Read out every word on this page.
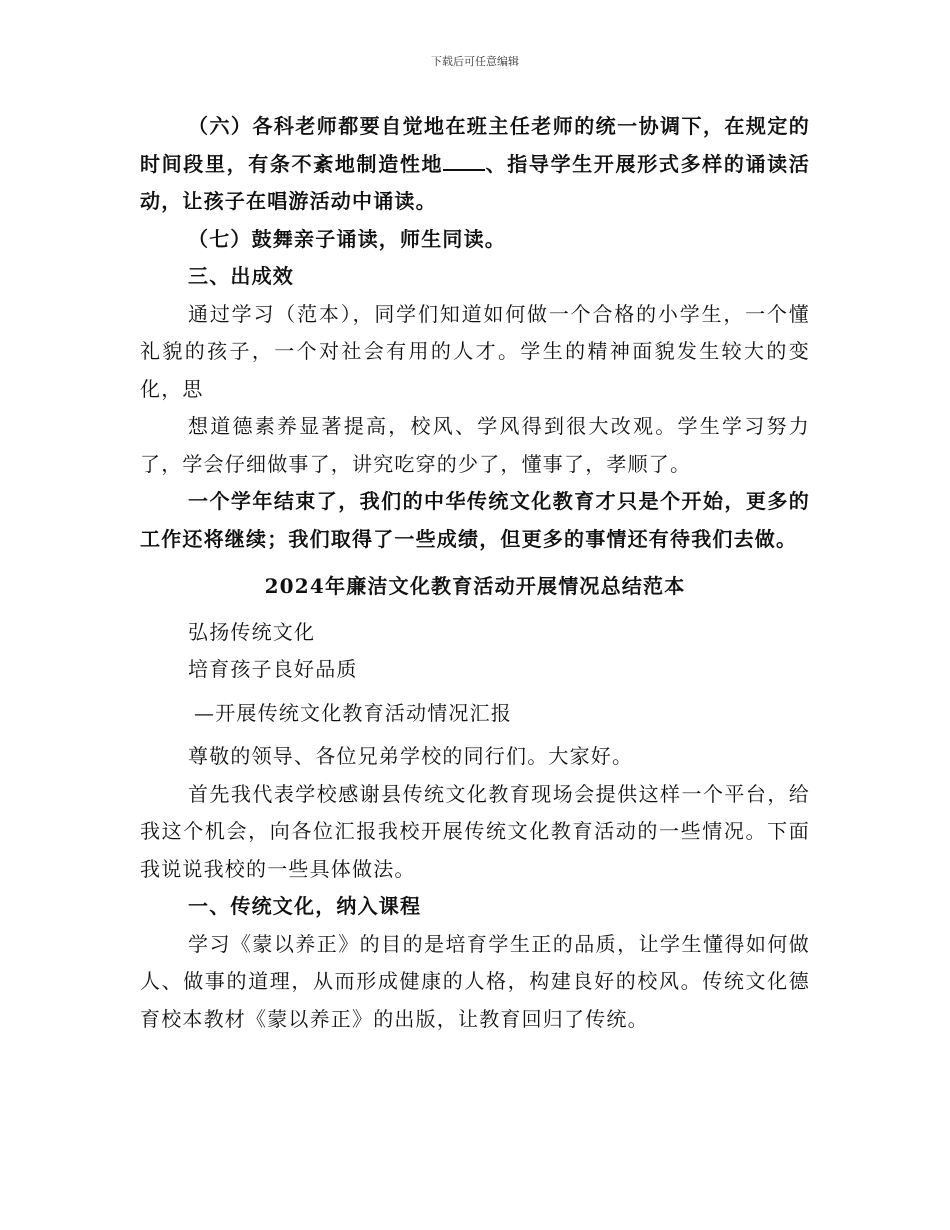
下载后可任意编辑

（六）各科老师都要自觉地在班主任老师的统一协调下，在规定的时间段里，有条不紊地制造性地 、指导学生开展形式多样的诵读活动，让孩子在唱游活动中诵读。

（七）鼓舞亲子诵读，师生同读。

三、出成效

通过学习（范本），同学们知道如何做一个合格的小学生，一个懂礼貌的孩子，一个对社会有用的人才。学生的精神面貌发生较大的变化，思

想道德素养显著提高，校风、学风得到很大改观。学生学习努力了，学会仔细做事了，讲究吃穿的少了，懂事了，孝顺了。

一个学年结束了，我们的中华传统文化教育才只是个开始，更多的工作还将继续；我们取得了一些成绩，但更多的事情还有待我们去做。

2024年廉洁文化教育活动开展情况总结范本

弘扬传统文化

培育孩子良好品质

—开展传统文化教育活动情况汇报

尊敬的领导、各位兄弟学校的同行们。大家好。

首先我代表学校感谢县传统文化教育现场会提供这样一个平台，给我这个机会，向各位汇报我校开展传统文化教育活动的一些情况。下面我说说我校的一些具体做法。

一、传统文化，纳入课程

学习《蒙以养正》的目的是培育学生正的品质，让学生懂得如何做人、做事的道理，从而形成健康的人格，构建良好的校风。传统文化德育校本教材《蒙以养正》的出版，让教育回归了传统。
